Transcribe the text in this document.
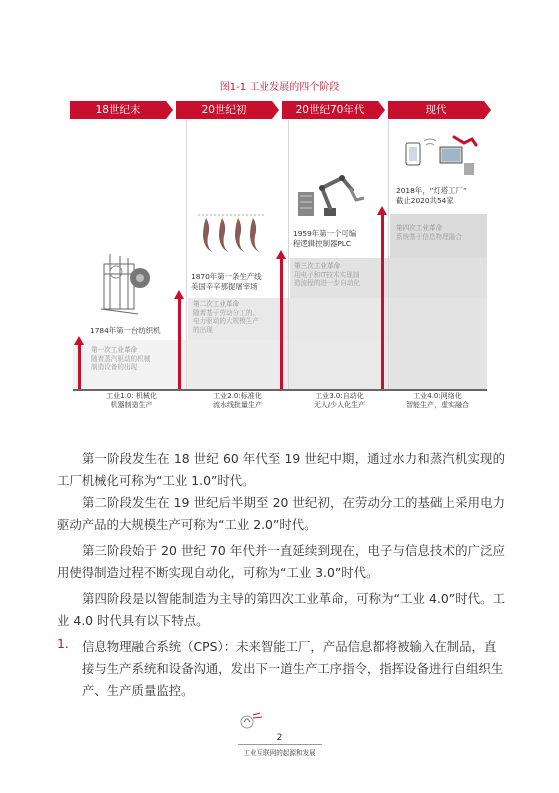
图1-1 工业发展的四个阶段
18世纪末	20世纪初	20世纪70年代	现代
1784年第一台纺织机
1870年第一条生产线
美国辛辛那提屠宰场
1959年第一个可编
程逻辑控制器PLC
2018年，“灯塔工厂”
截止2020共54家
第一次工业革命
随着蒸汽驱动的机械
制造设备的出现
第二次工业革命
随着基于劳动分工的、
电力驱动的大规模生产
的出现
第三次工业革命
用电子和IT技术实现制
造流程的进一步自动化
第四次工业革命
系统基于信息物理融合
工业1.0: 机械化
机器制造生产
工业2.0:标准化
流水线批量生产
工业3.0:自动化
无人/少人化生产
工业4.0:网络化
智能生产，虚实融合

第一阶段发生在 18 世纪 60 年代至 19 世纪中期，通过水力和蒸汽机实现的工厂机械化可称为“工业 1.0”时代。

第二阶段发生在 19 世纪后半期至 20 世纪初，在劳动分工的基础上采用电力驱动产品的大规模生产可称为“工业 2.0”时代。

第三阶段始于 20 世纪 70 年代并一直延续到现在，电子与信息技术的广泛应用使得制造过程不断实现自动化，可称为“工业 3.0”时代。

第四阶段是以智能制造为主导的第四次工业革命，可称为“工业 4.0”时代。工业 4.0 时代具有以下特点。

1. 信息物理融合系统（CPS）：未来智能工厂，产品信息都将被输入在制品，直接与生产系统和设备沟通，发出下一道生产工序指令，指挥设备进行自组织生产、生产质量监控。

2
工业互联网的起源和发展
